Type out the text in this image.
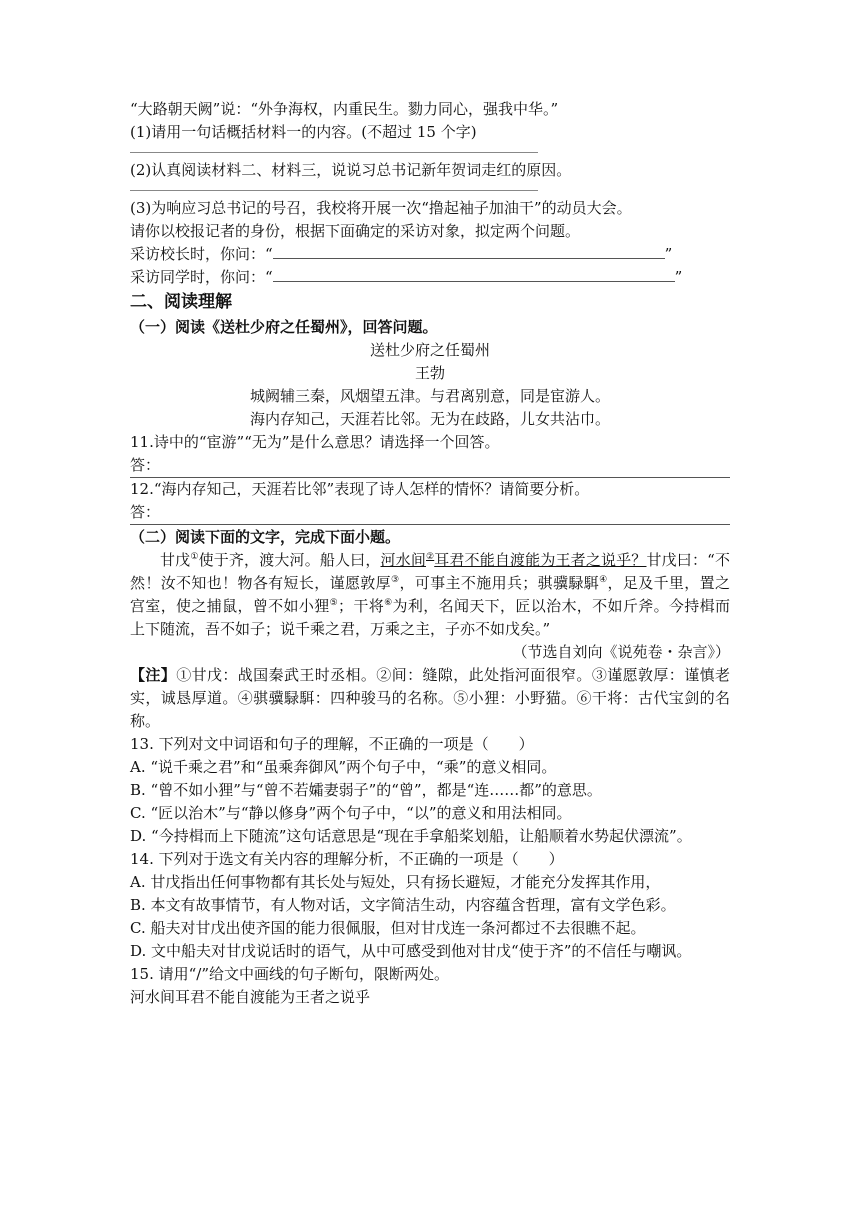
“大路朝天阙”说：“外争海权，内重民生。勠力同心，强我中华。”
(1)请用一句话概括材料一的内容。(不超过 15 个字)
(2)认真阅读材料二、材料三，说说习总书记新年贺词走红的原因。
(3)为响应习总书记的号召，我校将开展一次“撸起袖子加油干”的动员大会。
请你以校报记者的身份，根据下面确定的采访对象，拟定两个问题。
采访校长时，你问：“	”
采访同学时，你问：“	”
二、阅读理解
（一）阅读《送杜少府之任蜀州》，回答问题。
送杜少府之任蜀州
王勃
城阙辅三秦，风烟望五津。与君离别意，同是宦游人。
海内存知己，天涯若比邻。无为在歧路，儿女共沾巾。
11.诗中的“宦游”“无为”是什么意思？请选择一个回答。
答：
12.“海内存知己，天涯若比邻”表现了诗人怎样的情怀？请简要分析。
答：
（二）阅读下面的文字，完成下面小题。
甘戊①使于齐，渡大河。船人曰，河水间②耳君不能自渡能为王者之说乎？甘戊曰：“不然！汝不知也！物各有短长，谨愿敦厚③，可事主不施用兵；骐骥騄駬④，足及千里，置之宫室，使之捕鼠，曾不如小狸⑤；干将⑥为利，名闻天下，匠以治木，不如斤斧。今持楫而上下随流，吾不如子；说千乘之君，万乘之主，子亦不如戊矣。”
（节选自刘向《说苑卷・杂言》）
【注】①甘戊：战国秦武王时丞相。②间：缝隙，此处指河面很窄。③谨愿敦厚：谨慎老实，诚恳厚道。④骐骥騄駬：四种骏马的名称。⑤小狸：小野猫。⑥干将：古代宝剑的名称。
13. 下列对文中词语和句子的理解，不正确的一项是（　　）
A. “说千乘之君”和“虽乘奔御风”两个句子中，“乘”的意义相同。
B. “曾不如小狸”与“曾不若孀妻弱子”的“曾”，都是“连……都”的意思。
C. “匠以治木”与“静以修身”两个句子中，“以”的意义和用法相同。
D. “今持楫而上下随流”这句话意思是“现在手拿船桨划船，让船顺着水势起伏漂流”。
14. 下列对于选文有关内容的理解分析，不正确的一项是（　　）
A. 甘戊指出任何事物都有其长处与短处，只有扬长避短，才能充分发挥其作用，
B. 本文有故事情节，有人物对话，文字简洁生动，内容蕴含哲理，富有文学色彩。
C. 船夫对甘戊出使齐国的能力很佩服，但对甘戊连一条河都过不去很瞧不起。
D. 文中船夫对甘戊说话时的语气，从中可感受到他对甘戊“使于齐”的不信任与嘲讽。
15. 请用“/”给文中画线的句子断句，限断两处。
河水间耳君不能自渡能为王者之说乎
